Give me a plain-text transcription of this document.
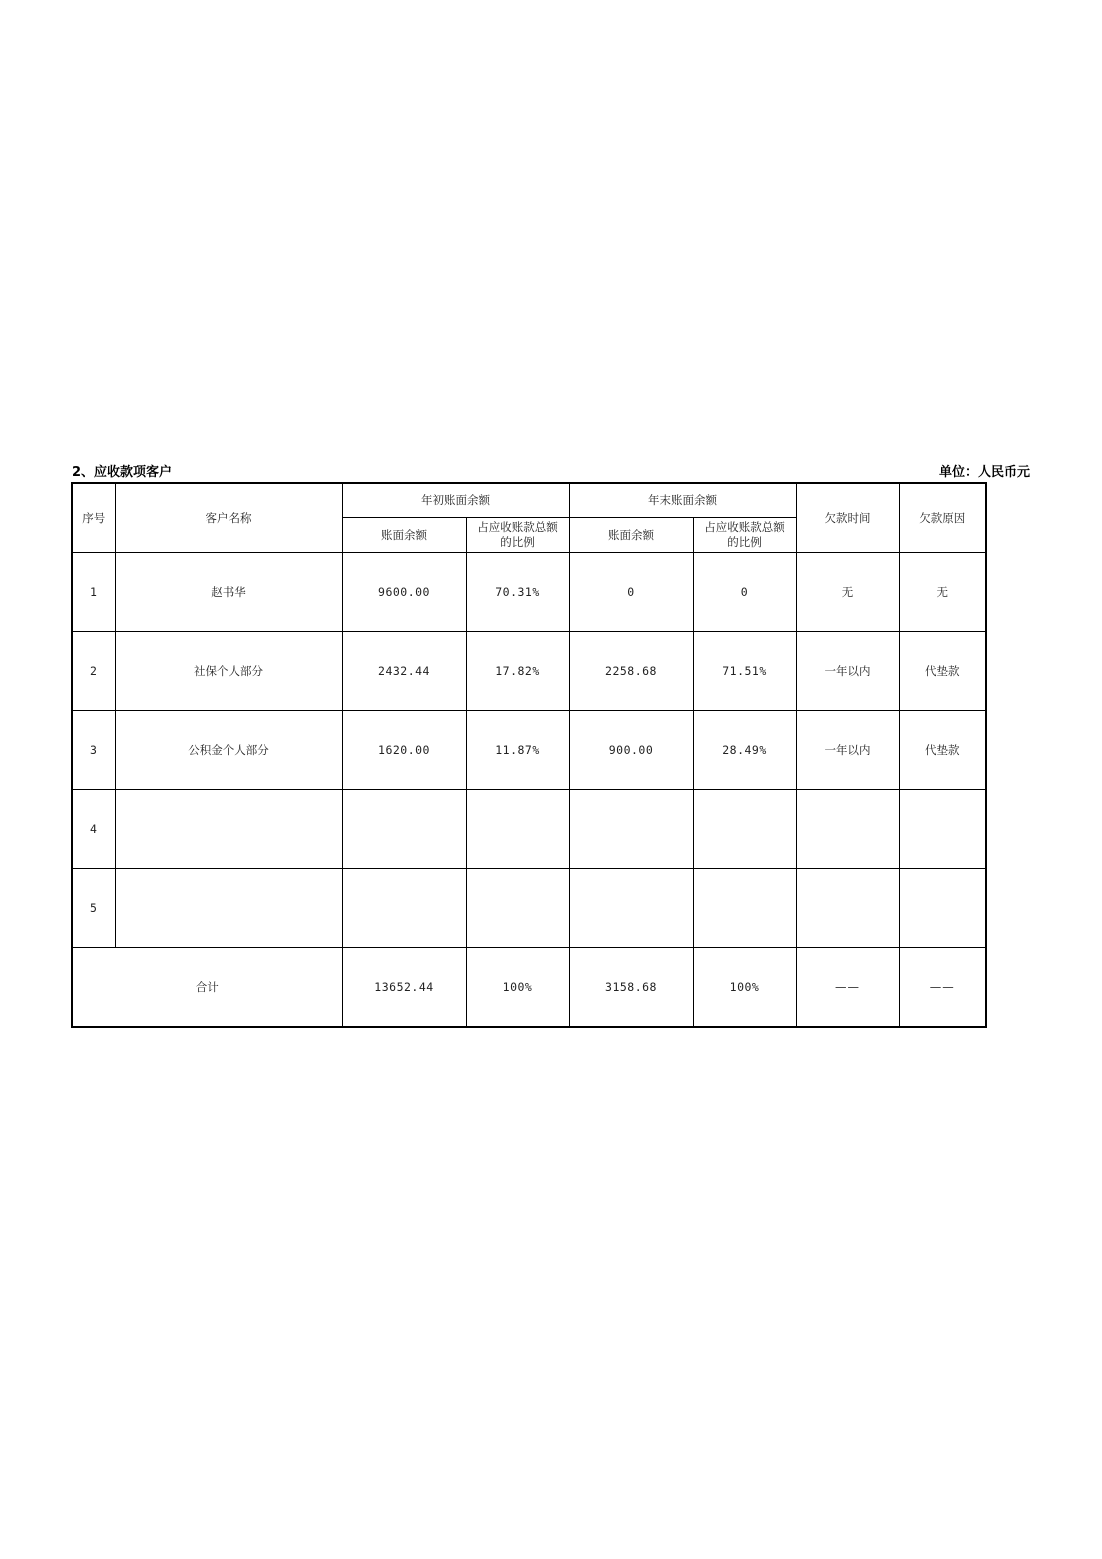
2、应收款项客户	单位：人民币元
序号	客户名称	年初账面余额		年末账面余额		欠款时间	欠款原因
		账面余额	占应收账款总额
的比例	账面余额	占应收账款总额
的比例		

1	赵书华	9600.00	70.31%	0	0	无	无
2	社保个人部分	2432.44	17.82%	2258.68	71.51%	一年以内	代垫款
3	公积金个人部分	1620.00	11.87%	900.00	28.49%	一年以内	代垫款
4							
5							
合计		13652.44	100%	3158.68	100%	——	——
